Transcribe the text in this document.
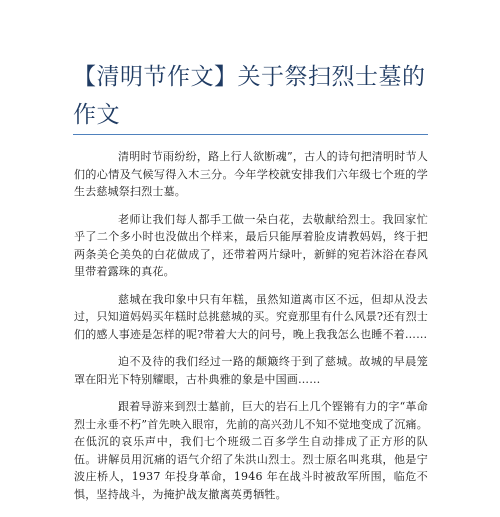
【清明节作文】关于祭扫烈士墓的作文

清明时节雨纷纷，路上行人欲断魂”，古人的诗句把清明时节人们的心情及气候写得入木三分。今年学校就安排我们六年级七个班的学生去慈城祭扫烈士墓。

老师让我们每人都手工做一朵白花，去敬献给烈士。我回家忙乎了二个多小时也没做出个样来，最后只能厚着脸皮请教妈妈，终于把两条美仑美奂的白花做成了，还带着两片绿叶，新鲜的宛若沐浴在春风里带着露珠的真花。

慈城在我印象中只有年糕，虽然知道离市区不远，但却从没去过，只知道妈妈买年糕时总挑慈城的买。究竟那里有什么风景?还有烈士们的感人事迹是怎样的呢?带着大大的问号，晚上我我怎么也睡不着……

迫不及待的我们经过一路的颠簸终于到了慈城。故城的早晨笼罩在阳光下特别耀眼，古朴典雅的象是中国画……

跟着导游来到烈士墓前，巨大的岩石上几个铿锵有力的字“革命烈士永垂不朽”首先映入眼帘，先前的高兴劲儿不知不觉地变成了沉痛。在低沉的哀乐声中，我们七个班级二百多学生自动排成了正方形的队伍。讲解员用沉痛的语气介绍了朱洪山烈士。烈士原名叫兆琪，他是宁波庄桥人，1937 年投身革命，1946 年在战斗时被敌军所围，临危不惧，坚持战斗，为掩护战友撤离英勇牺牲。
